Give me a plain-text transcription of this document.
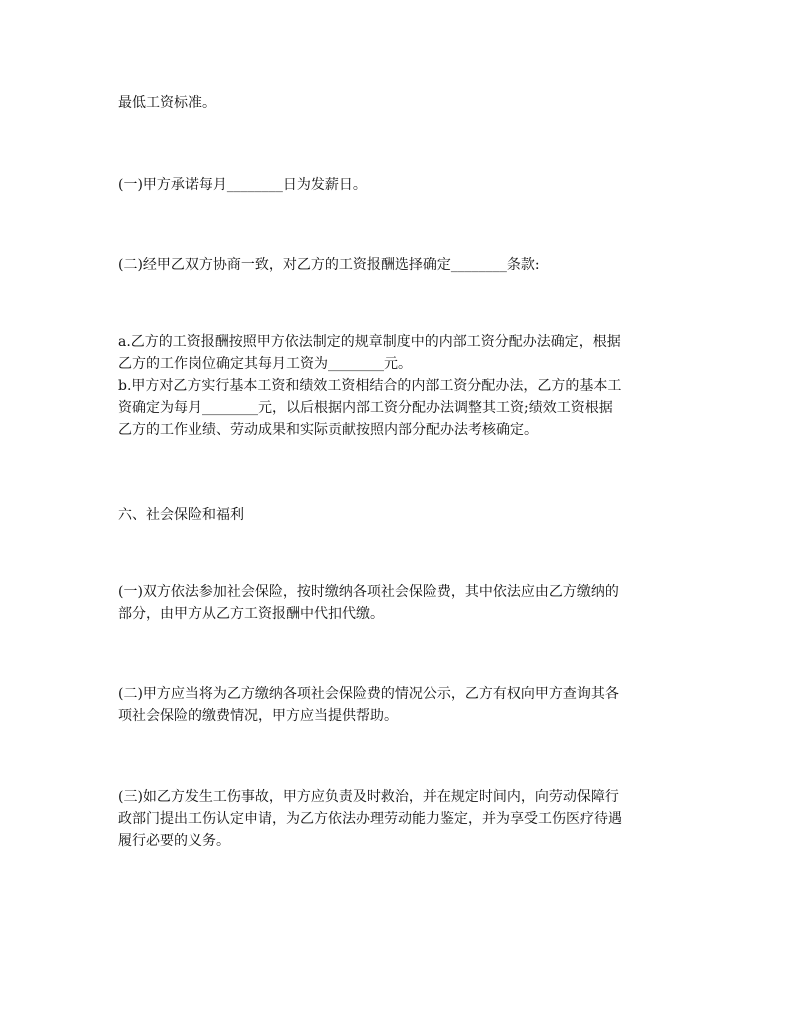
最低工资标准。
(一)甲方承诺每月________日为发薪日。
(二)经甲乙双方协商一致，对乙方的工资报酬选择确定________条款:
a.乙方的工资报酬按照甲方依法制定的规章制度中的内部工资分配办法确定，根据
乙方的工作岗位确定其每月工资为________元。
b.甲方对乙方实行基本工资和绩效工资相结合的内部工资分配办法，乙方的基本工
资确定为每月________元，以后根据内部工资分配办法调整其工资;绩效工资根据
乙方的工作业绩、劳动成果和实际贡献按照内部分配办法考核确定。
六、社会保险和福利
(一)双方依法参加社会保险，按时缴纳各项社会保险费，其中依法应由乙方缴纳的
部分，由甲方从乙方工资报酬中代扣代缴。
(二)甲方应当将为乙方缴纳各项社会保险费的情况公示，乙方有权向甲方查询其各
项社会保险的缴费情况，甲方应当提供帮助。
(三)如乙方发生工伤事故，甲方应负责及时救治，并在规定时间内，向劳动保障行
政部门提出工伤认定申请，为乙方依法办理劳动能力鉴定，并为享受工伤医疗待遇
履行必要的义务。
